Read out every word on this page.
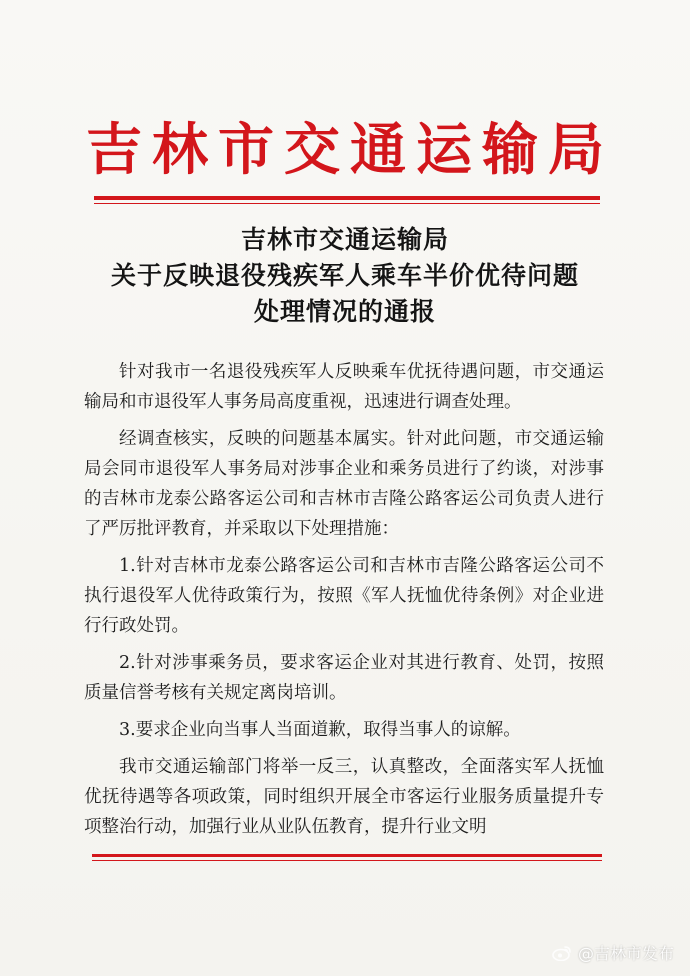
吉林市交通运输局
吉林市交通运输局
关于反映退役残疾军人乘车半价优待问题
处理情况的通报

针对我市一名退役残疾军人反映乘车优抚待遇问题，市交通运输局和市退役军人事务局高度重视，迅速进行调查处理。

经调查核实，反映的问题基本属实。针对此问题，市交通运输局会同市退役军人事务局对涉事企业和乘务员进行了约谈，对涉事的吉林市龙泰公路客运公司和吉林市吉隆公路客运公司负责人进行了严厉批评教育，并采取以下处理措施：

1.针对吉林市龙泰公路客运公司和吉林市吉隆公路客运公司不执行退役军人优待政策行为，按照《军人抚恤优待条例》对企业进行行政处罚。

2.针对涉事乘务员，要求客运企业对其进行教育、处罚，按照质量信誉考核有关规定离岗培训。

3.要求企业向当事人当面道歉，取得当事人的谅解。

我市交通运输部门将举一反三，认真整改，全面落实军人抚恤优抚待遇等各项政策，同时组织开展全市客运行业服务质量提升专项整治行动，加强行业从业队伍教育，提升行业文明

@吉林市发布
